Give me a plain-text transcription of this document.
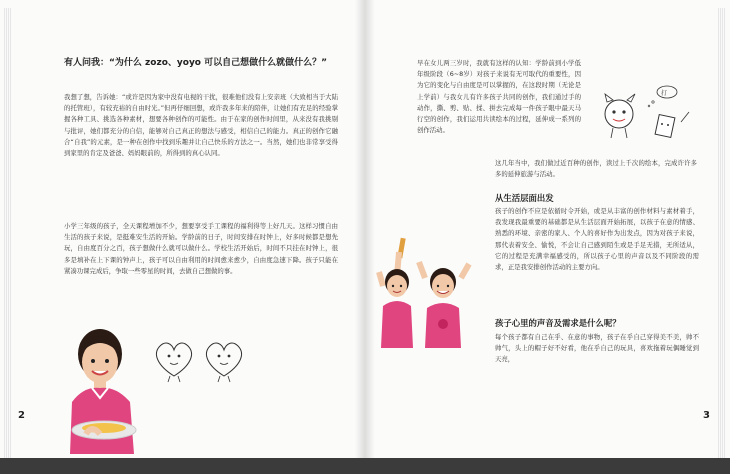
有人问我：“为什么 zozo、yoyo 可以自己想做什么就做什么？”
我想了想，告诉她：“或许是因为家中没有电视的干扰，很难他们没有上安亲班（大致相当于大陆的托管班），有较充裕的自由时光。”但再仔细回想，或许我多年来的陪伴，让她们有充足的经验掌握各种工具、挑选各种素材，想要各种创作的可能性。由于在家的创作时间里，从来没有我挑剔与批评，她们都充分的自信，能够对自己真正的想法与感受，相信自己的能力。真正的创作它融合“自我”的元素，是一种在创作中找到乐趣并让自己快乐的方法之一。当然，她们也非常享受得到家里的肯定及爸爸、妈妈眼前的，所得到的真心认同。
小学三年级的孩子，全天课程增加不少，想要享受手工课程的福利得等上好几天。这样习惯自由生活的孩子来说，是挺难安生活的开始。学龄前的日子，时间安排在时钟上，好多时候都是想先玩，自由度百分之百，孩子想做什么就可以做什么。学校生活开始后，时间不只挂在时钟上，很多是填补在上下课的钟声上，孩子可以自由利用的时间愈来愈少，自由度急速下降。孩子只能在紧凑功课完成后，争取一些零星的时间，去做自己想做的事。
2
早在女儿两三岁时，我就有这样的认知：学龄前到小学低年级阶段（6~8岁）对孩子来说有无可取代的重要性，因为它的变化与自由度是可以掌握的，在这段时期（无论是上学前）与我女儿有许多孩子共同的创作，我们通过手的动作，撕、剪、贴、揉、拼去完成每一件孩子眼中最天马行空的创作，我们运用共读绘本的过程，延伸成一系列的创作活动。
打
这几年当中，我们做过近百种的创作，读过上千次的绘本，完成许许多多的延伸旅游与活动。
从生活层面出发
孩子的创作不应是依循时令开始，或是从丰富的创作材料与素材着手，我发现我最重要的基础都是从生活层面开始拓展，以孩子在意的情感、熟悉的环境、亲密的家人、个人的喜好作为出发点，因为对孩子来说，那代表着安全、愉悦，不会让自己感到陌生或是手足无措，无所适从，它的过程是充满幸福感受的，所以孩子心里的声音以及不同阶段的需求，正是我安排创作活动的主要方向。
孩子心里的声音及需求是什么呢？
每个孩子都有自己在乎、在意的事物，孩子在乎自己穿得美不美，帅不帅气，头上的帽子好不好看，他在乎自己的玩具，喜欢拖着玩偶睡觉到天亮，
3
